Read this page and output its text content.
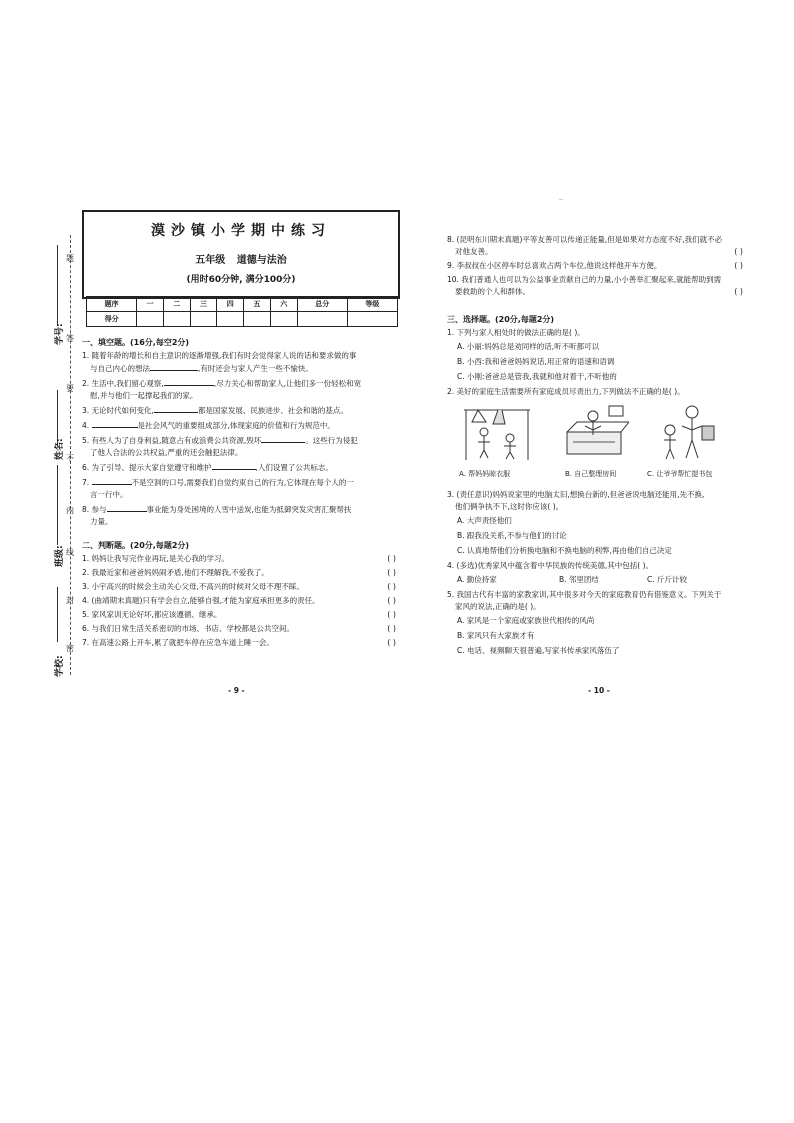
题
答
要
不
内
线
封
密
学号:
姓名:
班级:
学校:
漠沙镇小学期中练习
五年级 道德与法治
(用时60分钟, 满分100分)
题序	一	二	三	四	五	六	总分	等级
得分								
一、填空题。(16分,每空2分)
1. 随着年龄的增长和自主意识的逐渐增强,我们有时会觉得家人说的话和要求做的事
与自己内心的想法	,有时还会与家人产生一些不愉快。
2. 生活中,我们留心观察,	,尽力关心和帮助家人,让他们多一份轻松和宽
慰,并与他们一起撑起我们的家。
3. 无论时代如何变化,	都是国家发展、民族进步、社会和谐的基点。
4.	是社会风气的重要组成部分,体现家庭的价值和行为规范中。
5. 有些人为了自身利益,随意占有或浪费公共资源,毁坏	。这些行为侵犯
了他人合法的公共权益,严重的还会触犯法律。
6. 为了引导、提示大家自觉遵守和维护	,人们设置了公共标志。
7.	不是空洞的口号,需要我们自觉约束自己的行为,它体现在每个人的一
言一行中。
8. 参与	事业能为身处困境的人雪中送炭,也能为抵御突发灾害汇聚帮扶
力量。
二、判断题。(20分,每题2分)
1. 妈妈让我写完作业再玩,是关心我的学习。	( )
2. 我最近家和爸爸妈妈闹矛盾,他们不理解我,不爱我了。	( )
3. 小宇高兴的时候会主动关心父母,不高兴的时候对父母不理不睬。	( )
4. (曲靖期末真题)只有学会自立,能够自强,才能为家庭承担更多的责任。	( )
5. 家风家训无论好坏,都应该遵循、继承。	( )
6. 与我们日常生活关系密切的市场、书店、学校都是公共空间。	( )
7. 在高速公路上开车,累了就把车停在应急车道上睡一会。	( )
- 9 -
--
8. (昆明东川期末真题)平等友善可以传递正能量,但是如果对方态度不好,我们就不必
对他友善。	( )
9. 李叔叔在小区停车时总喜欢占两个车位,他说这样他开车方便。	( )
10. 我们普通人也可以为公益事业贡献自己的力量,小小善举汇聚起来,就能帮助到需
要救助的个人和群体。	( )
三、选择题。(20分,每题2分)
1. 下列与家人相处时的做法正确的是( )。
A. 小丽:妈妈总是劝同样的话,听不听都可以
B. 小西:我和爸爸妈妈说话,用正常的语速和语调
C. 小刚:爸爸总是管我,我就和他对着干,不听他的
2. 美好的家庭生活需要所有家庭成员尽责出力,下列做法不正确的是( )。
A. 帮妈妈晾衣服	B. 自己整理房间	C. 让爷爷帮忙提书包
3. (责任意识)妈妈说家里的电脑太旧,想换台新的,但爸爸说电脑还能用,先不换,
他们俩争执不下,这时你应该( )。
A. 大声责怪他们
B. 跟我没关系,不参与他们的讨论
C. 认真地帮他们分析换电脑和不换电脑的利弊,再由他们自己决定
4. (多选)优秀家风中蕴含着中华民族的传统美德,其中包括( )。
A. 勤俭持家	B. 邻里团结	C. 斤斤计较
5. 我国古代有丰富的家教家训,其中很多对今天的家庭教育仍有借鉴意义。下列关于
家风的说法,正确的是( )。
A. 家风是一个家庭或家族世代相传的风尚
B. 家风只有大家族才有
C. 电话、视频聊天很普遍,写家书传承家风落伍了
- 10 -
